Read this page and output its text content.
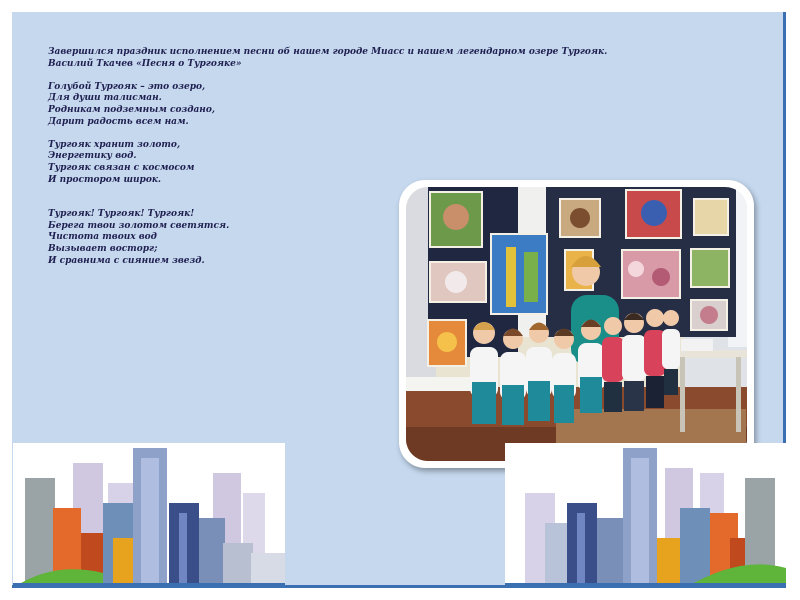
Завершился праздник исполнением песни об нашем городе Миасс и нашем легендарном озере Тургояк.

Василий Ткачев «Песня о Тургояке»

Голубой Тургояк – это озеро,

Для души талисман.

Родникам подземным создано,

Дарит радость всем нам.

Тургояк хранит золото,

Энергетику вод.

Тургояк связан с космосом

И простором широк.

Тургояк! Тургояк! Тургояк!

Берега твои золотом светятся.

Чистота твоих вод

Вызывает восторг;

И сравнима с сиянием звезд.
